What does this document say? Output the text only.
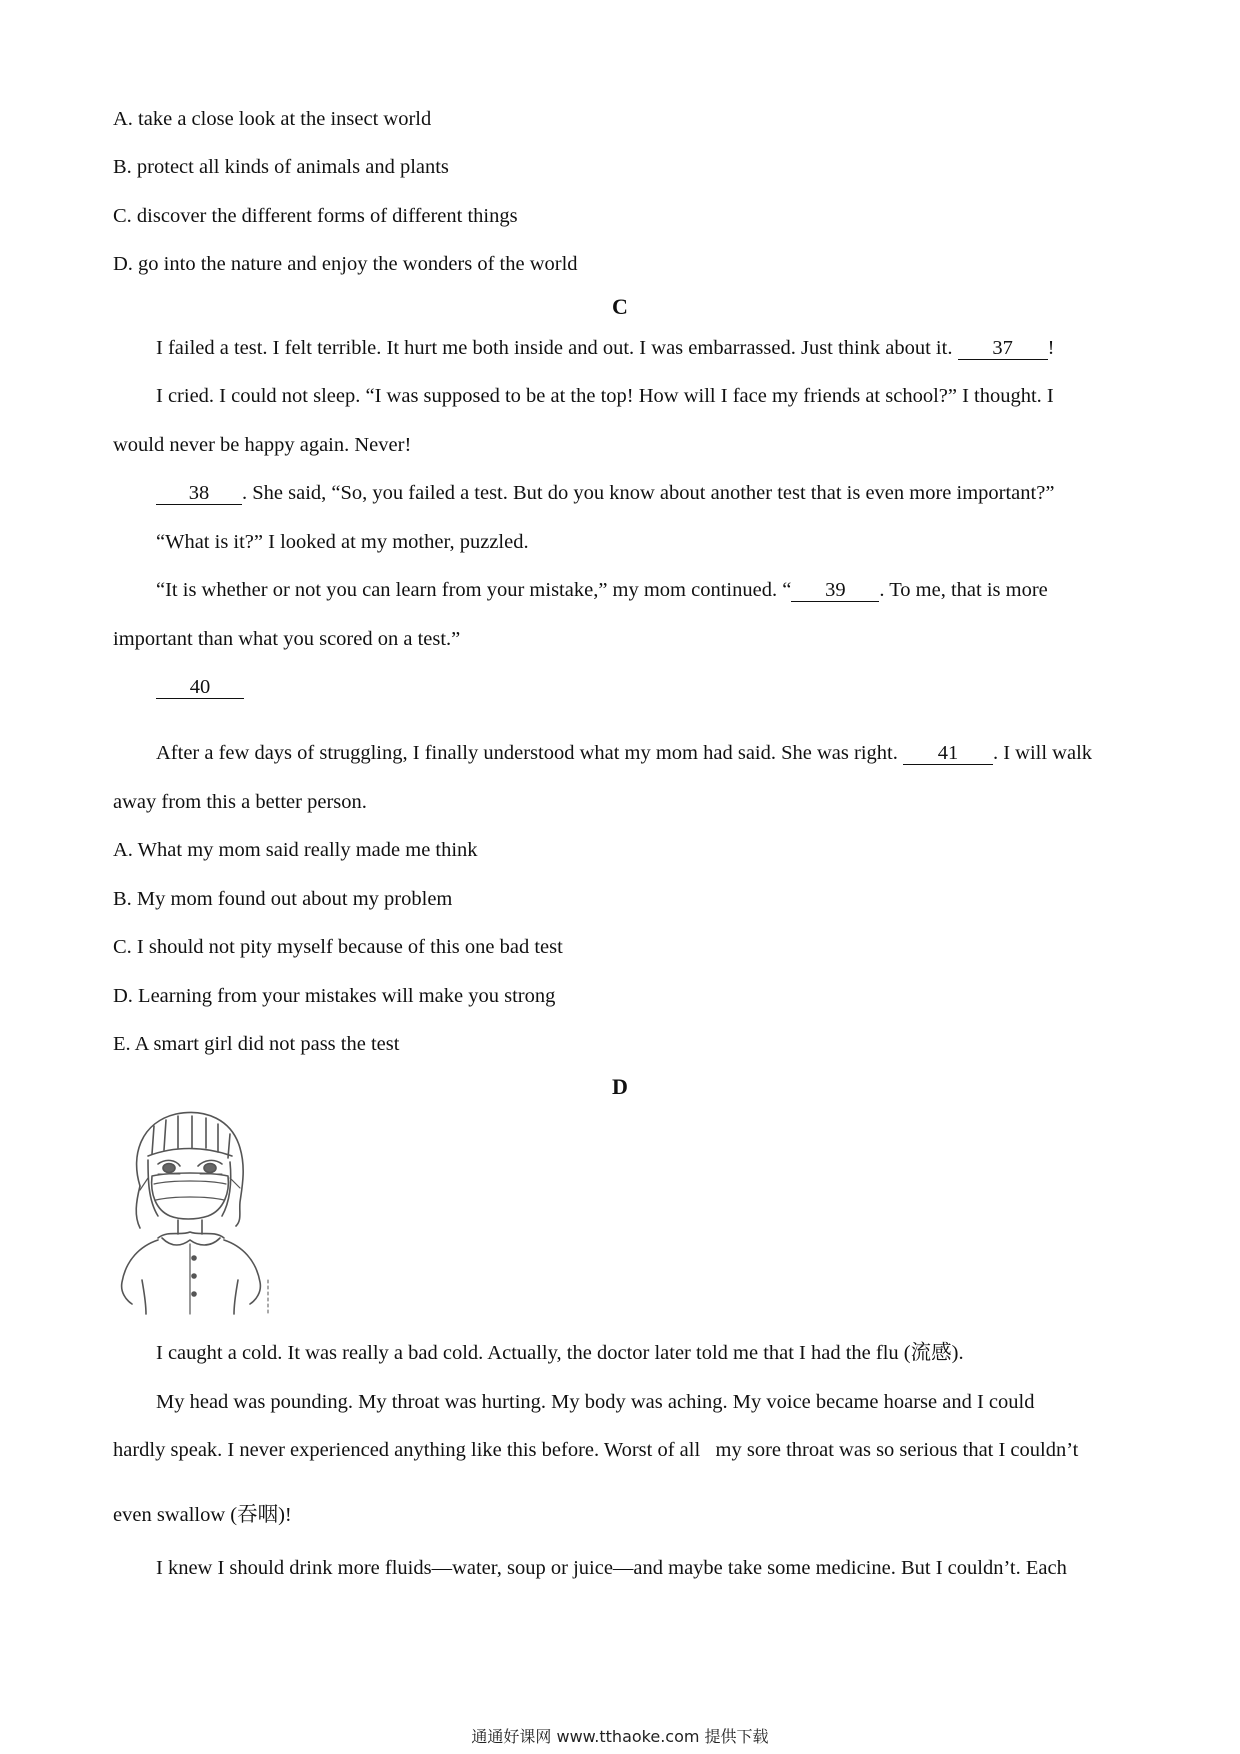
A. take a close look at the insect world
B. protect all kinds of animals and plants
C. discover the different forms of different things
D. go into the nature and enjoy the wonders of the world
C
I failed a test. I felt terrible. It hurt me both inside and out. I was embarrassed. Just think about it. 37 !
I cried. I could not sleep. “I was supposed to be at the top! How will I face my friends at school?” I thought. I
would never be happy again. Never!
38 . She said, “So, you failed a test. But do you know about another test that is even more important?”
“What is it?” I looked at my mother, puzzled.
“It is whether or not you can learn from your mistake,” my mom continued. “ 39 . To me, that is more
important than what you scored on a test.”
40
After a few days of struggling, I finally understood what my mom had said. She was right. 41 . I will walk
away from this a better person.
A. What my mom said really made me think
B. My mom found out about my problem
C. I should not pity myself because of this one bad test
D. Learning from your mistakes will make you strong
E. A smart girl did not pass the test
D
I caught a cold. It was really a bad cold. Actually, the doctor later told me that I had the flu (流感).
My head was pounding. My throat was hurting. My body was aching. My voice became hoarse and I could
hardly speak. I never experienced anything like this before. Worst of all   my sore throat was so serious that I couldn’t
even swallow (吞咽)!
I knew I should drink more fluids—water, soup or juice—and maybe take some medicine. But I couldn’t. Each
通通好课网 www.tthaoke.com 提供下载
